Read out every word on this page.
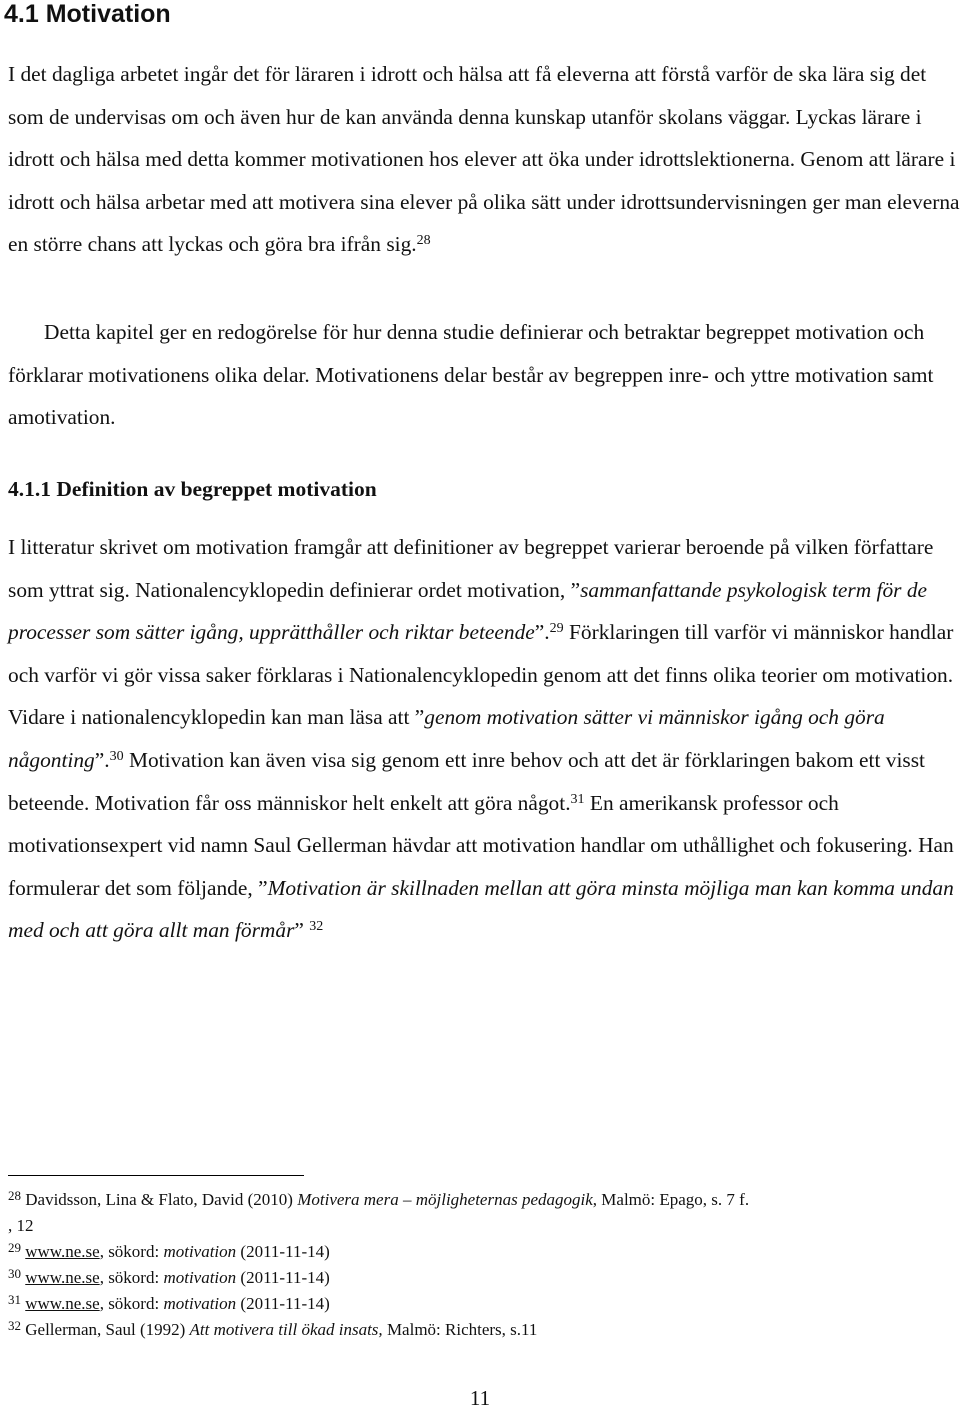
4.1 Motivation
I det dagliga arbetet ingår det för läraren i idrott och hälsa att få eleverna att förstå varför de ska lära sig det som de undervisas om och även hur de kan använda denna kunskap utanför skolans väggar. Lyckas lärare i idrott och hälsa med detta kommer motivationen hos elever att öka under idrottslektionerna. Genom att lärare i idrott och hälsa arbetar med att motivera sina elever på olika sätt under idrottsundervisningen ger man eleverna en större chans att lyckas och göra bra ifrån sig.$^{28}$
Detta kapitel ger en redogörelse för hur denna studie definierar och betraktar begreppet motivation och förklarar motivationens olika delar. Motivationens delar består av begreppen inre- och yttre motivation samt amotivation.
4.1.1 Definition av begreppet motivation
I litteratur skrivet om motivation framgår att definitioner av begreppet varierar beroende på vilken författare som yttrat sig. Nationalencyklopedin definierar ordet motivation, ”sammanfattande psykologisk term för de processer som sätter igång, upprätthåller och riktar beteende”.$^{29}$ Förklaringen till varför vi människor handlar och varför vi gör vissa saker förklaras i Nationalencyklopedin genom att det finns olika teorier om motivation. Vidare i nationalencyklopedin kan man läsa att ”genom motivation sätter vi människor igång och göra någonting”.$^{30}$ Motivation kan även visa sig genom ett inre behov och att det är förklaringen bakom ett visst beteende. Motivation får oss människor helt enkelt att göra något.$^{31}$ En amerikansk professor och motivationsexpert vid namn Saul Gellerman hävdar att motivation handlar om uthållighet och fokusering. Han formulerar det som följande, ”Motivation är skillnaden mellan att göra minsta möjliga man kan komma undan med och att göra allt man förmår” $^{32}$
$^{28}$ Davidsson, Lina & Flato, David (2010) Motivera mera – möjligheternas pedagogik, Malmö: Epago, s. 7 f.
, 12
$^{29}$ www.ne.se, sökord: motivation (2011-11-14)
$^{30}$ www.ne.se, sökord: motivation (2011-11-14)
$^{31}$ www.ne.se, sökord: motivation (2011-11-14)
$^{32}$ Gellerman, Saul (1992) Att motivera till ökad insats, Malmö: Richters, s.11
11
